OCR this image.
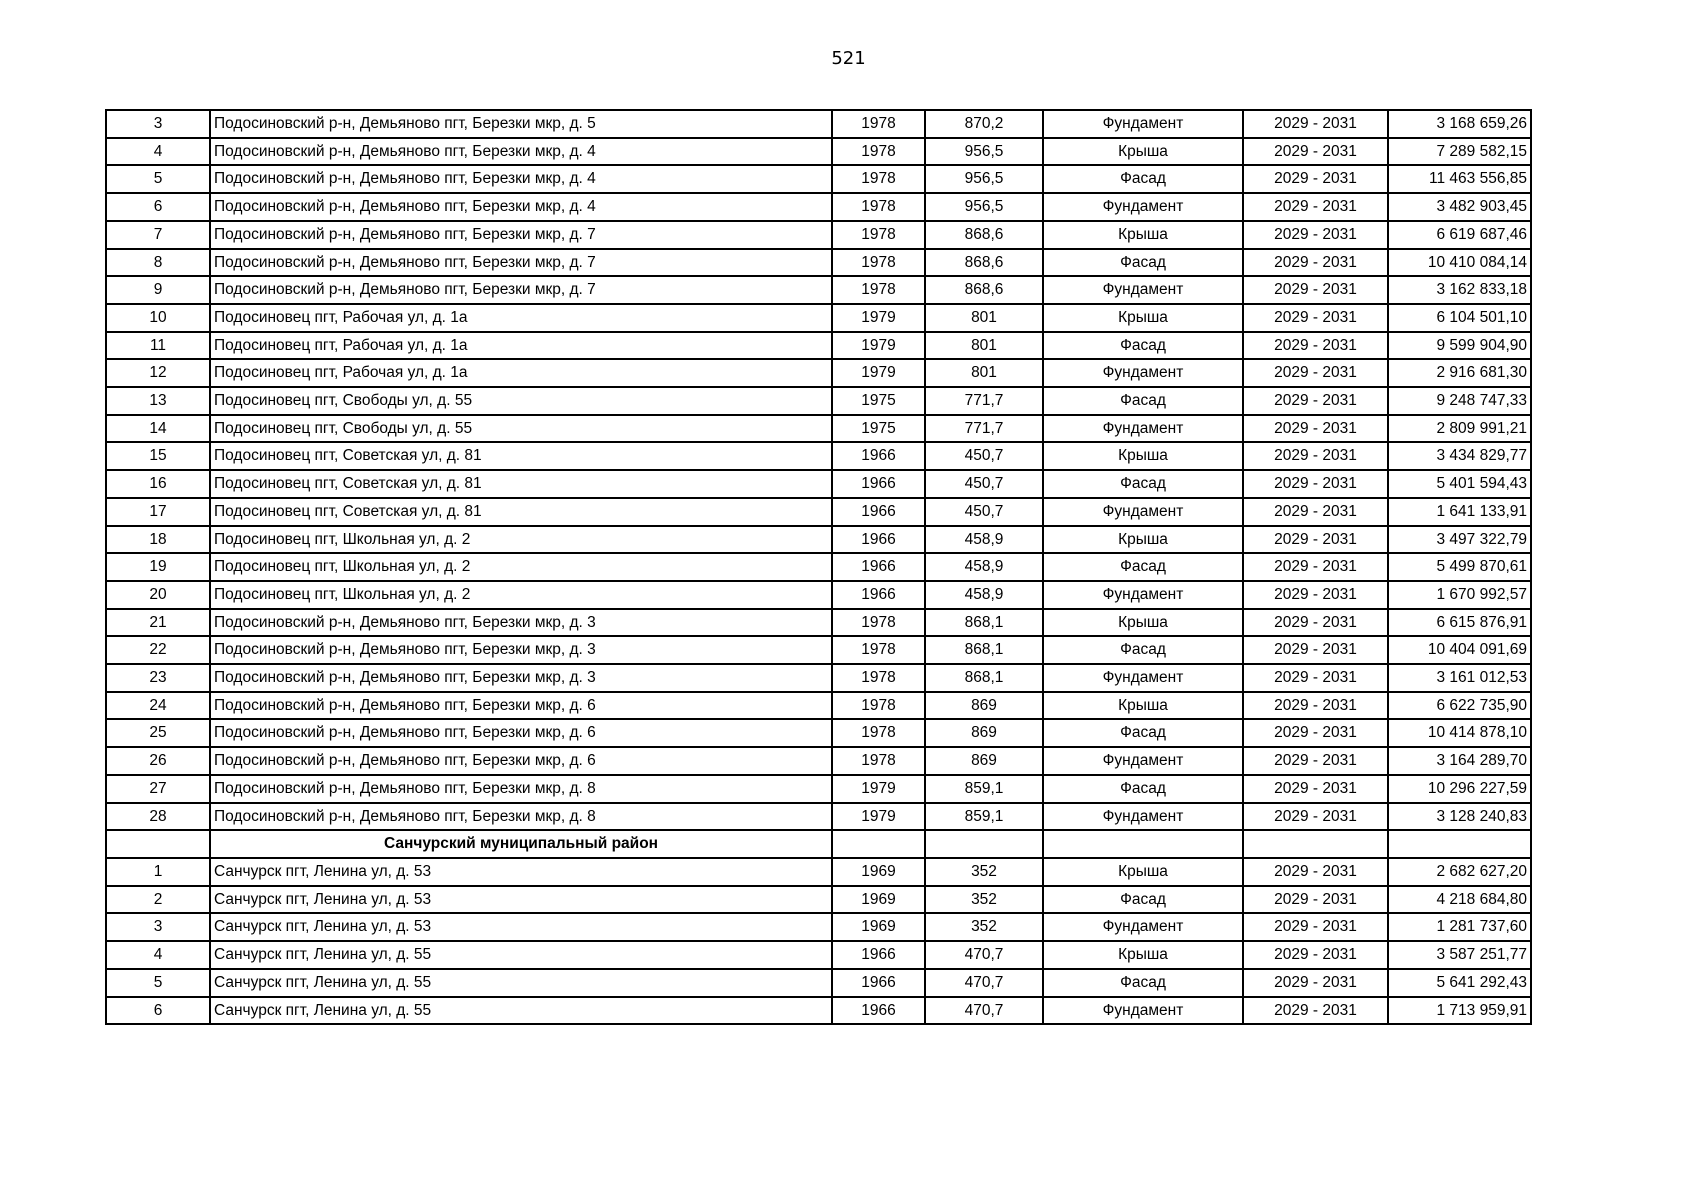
521
3	Подосиновский р-н, Демьяново пгт, Березки мкр, д. 5	1978	870,2	Фундамент	2029 - 2031	3 168 659,26
4	Подосиновский р-н, Демьяново пгт, Березки мкр, д. 4	1978	956,5	Крыша	2029 - 2031	7 289 582,15
5	Подосиновский р-н, Демьяново пгт, Березки мкр, д. 4	1978	956,5	Фасад	2029 - 2031	11 463 556,85
6	Подосиновский р-н, Демьяново пгт, Березки мкр, д. 4	1978	956,5	Фундамент	2029 - 2031	3 482 903,45
7	Подосиновский р-н, Демьяново пгт, Березки мкр, д. 7	1978	868,6	Крыша	2029 - 2031	6 619 687,46
8	Подосиновский р-н, Демьяново пгт, Березки мкр, д. 7	1978	868,6	Фасад	2029 - 2031	10 410 084,14
9	Подосиновский р-н, Демьяново пгт, Березки мкр, д. 7	1978	868,6	Фундамент	2029 - 2031	3 162 833,18
10	Подосиновец пгт, Рабочая ул, д. 1а	1979	801	Крыша	2029 - 2031	6 104 501,10
11	Подосиновец пгт, Рабочая ул, д. 1а	1979	801	Фасад	2029 - 2031	9 599 904,90
12	Подосиновец пгт, Рабочая ул, д. 1а	1979	801	Фундамент	2029 - 2031	2 916 681,30
13	Подосиновец пгт, Свободы ул, д. 55	1975	771,7	Фасад	2029 - 2031	9 248 747,33
14	Подосиновец пгт, Свободы ул, д. 55	1975	771,7	Фундамент	2029 - 2031	2 809 991,21
15	Подосиновец пгт, Советская ул, д. 81	1966	450,7	Крыша	2029 - 2031	3 434 829,77
16	Подосиновец пгт, Советская ул, д. 81	1966	450,7	Фасад	2029 - 2031	5 401 594,43
17	Подосиновец пгт, Советская ул, д. 81	1966	450,7	Фундамент	2029 - 2031	1 641 133,91
18	Подосиновец пгт, Школьная ул, д. 2	1966	458,9	Крыша	2029 - 2031	3 497 322,79
19	Подосиновец пгт, Школьная ул, д. 2	1966	458,9	Фасад	2029 - 2031	5 499 870,61
20	Подосиновец пгт, Школьная ул, д. 2	1966	458,9	Фундамент	2029 - 2031	1 670 992,57
21	Подосиновский р-н, Демьяново пгт, Березки мкр, д. 3	1978	868,1	Крыша	2029 - 2031	6 615 876,91
22	Подосиновский р-н, Демьяново пгт, Березки мкр, д. 3	1978	868,1	Фасад	2029 - 2031	10 404 091,69
23	Подосиновский р-н, Демьяново пгт, Березки мкр, д. 3	1978	868,1	Фундамент	2029 - 2031	3 161 012,53
24	Подосиновский р-н, Демьяново пгт, Березки мкр, д. 6	1978	869	Крыша	2029 - 2031	6 622 735,90
25	Подосиновский р-н, Демьяново пгт, Березки мкр, д. 6	1978	869	Фасад	2029 - 2031	10 414 878,10
26	Подосиновский р-н, Демьяново пгт, Березки мкр, д. 6	1978	869	Фундамент	2029 - 2031	3 164 289,70
27	Подосиновский р-н, Демьяново пгт, Березки мкр, д. 8	1979	859,1	Фасад	2029 - 2031	10 296 227,59
28	Подосиновский р-н, Демьяново пгт, Березки мкр, д. 8	1979	859,1	Фундамент	2029 - 2031	3 128 240,83
	Санчурский муниципальный район					
1	Санчурск пгт, Ленина ул, д. 53	1969	352	Крыша	2029 - 2031	2 682 627,20
2	Санчурск пгт, Ленина ул, д. 53	1969	352	Фасад	2029 - 2031	4 218 684,80
3	Санчурск пгт, Ленина ул, д. 53	1969	352	Фундамент	2029 - 2031	1 281 737,60
4	Санчурск пгт, Ленина ул, д. 55	1966	470,7	Крыша	2029 - 2031	3 587 251,77
5	Санчурск пгт, Ленина ул, д. 55	1966	470,7	Фасад	2029 - 2031	5 641 292,43
6	Санчурск пгт, Ленина ул, д. 55	1966	470,7	Фундамент	2029 - 2031	1 713 959,91
